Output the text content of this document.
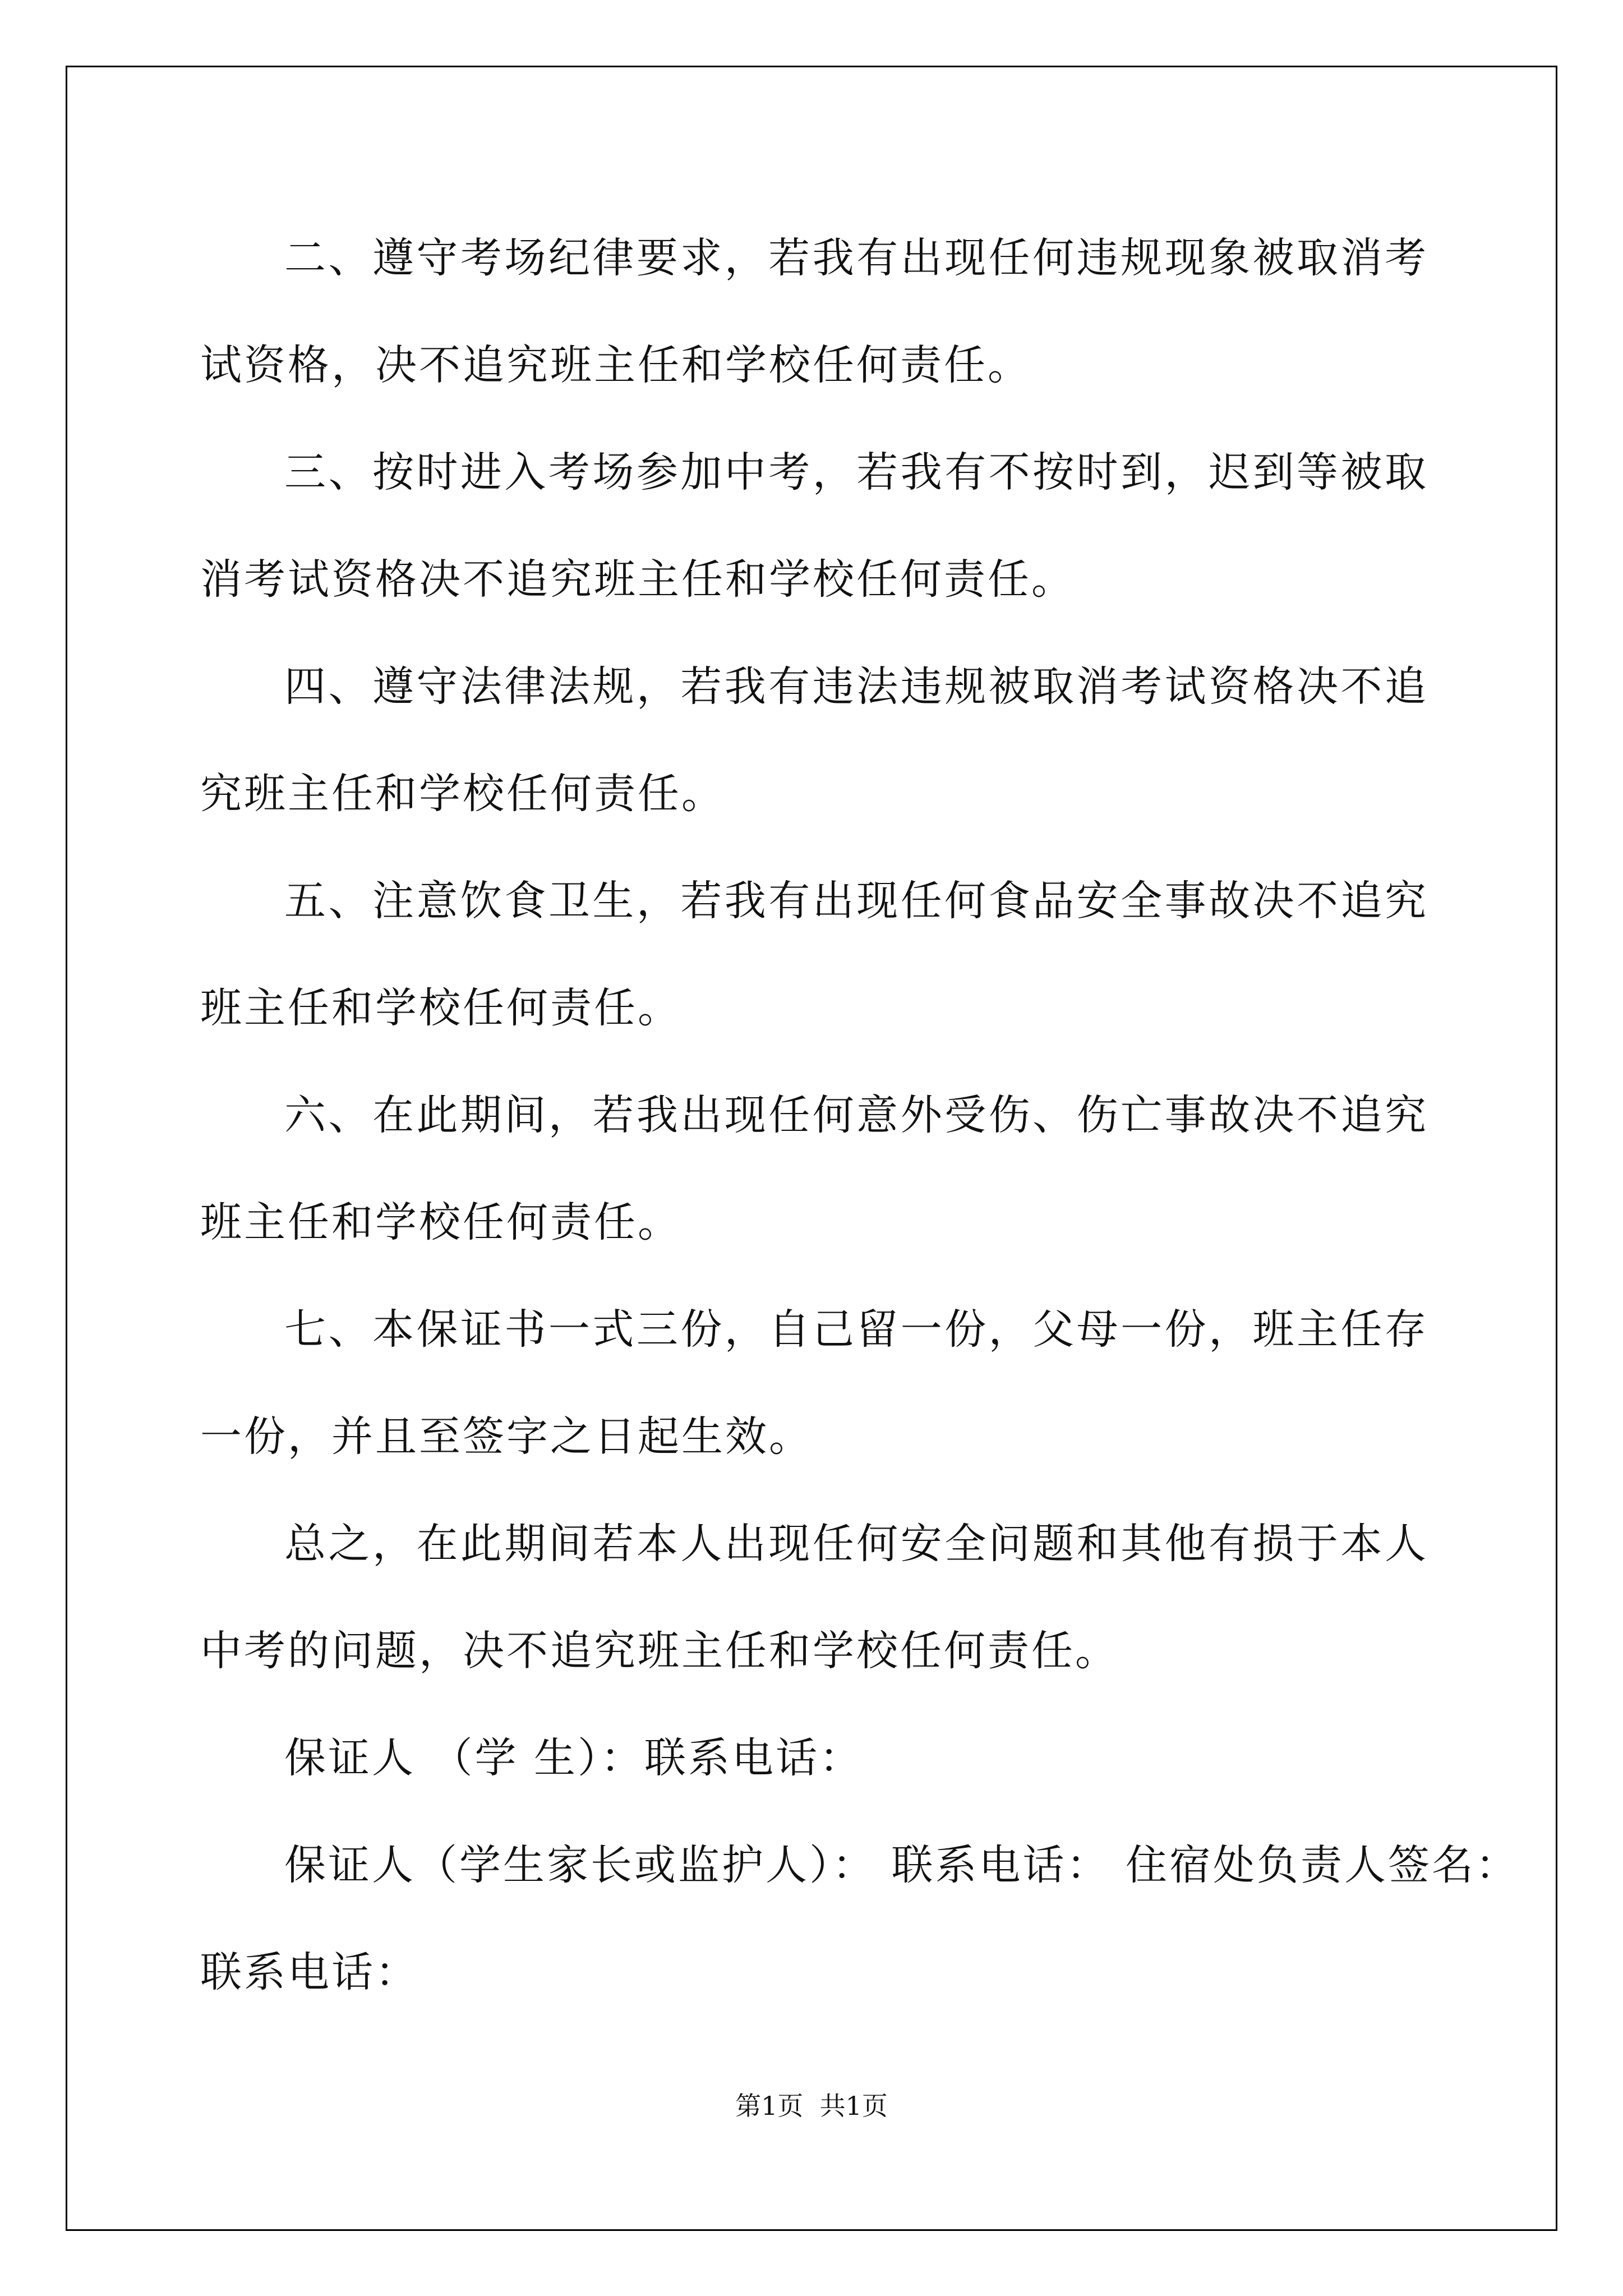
二、遵守考场纪律要求，若我有出现任何违规现象被取消考试资格，决不追究班主任和学校任何责任。

三、按时进入考场参加中考，若我有不按时到，迟到等被取消考试资格决不追究班主任和学校任何责任。

四、遵守法律法规，若我有违法违规被取消考试资格决不追究班主任和学校任何责任。

五、注意饮食卫生，若我有出现任何食品安全事故决不追究班主任和学校任何责任。

六、在此期间，若我出现任何意外受伤、伤亡事故决不追究班主任和学校任何责任。

七、本保证书一式三份，自己留一份，父母一份，班主任存一份，并且至签字之日起生效。

总之，在此期间若本人出现任何安全问题和其他有损于本人中考的问题，决不追究班主任和学校任何责任。

保证人 （学 生）：联系电话：

保证人（学生家长或监护人）： 联系电话： 住宿处负责人签名：

联系电话：

第1页  共1页
